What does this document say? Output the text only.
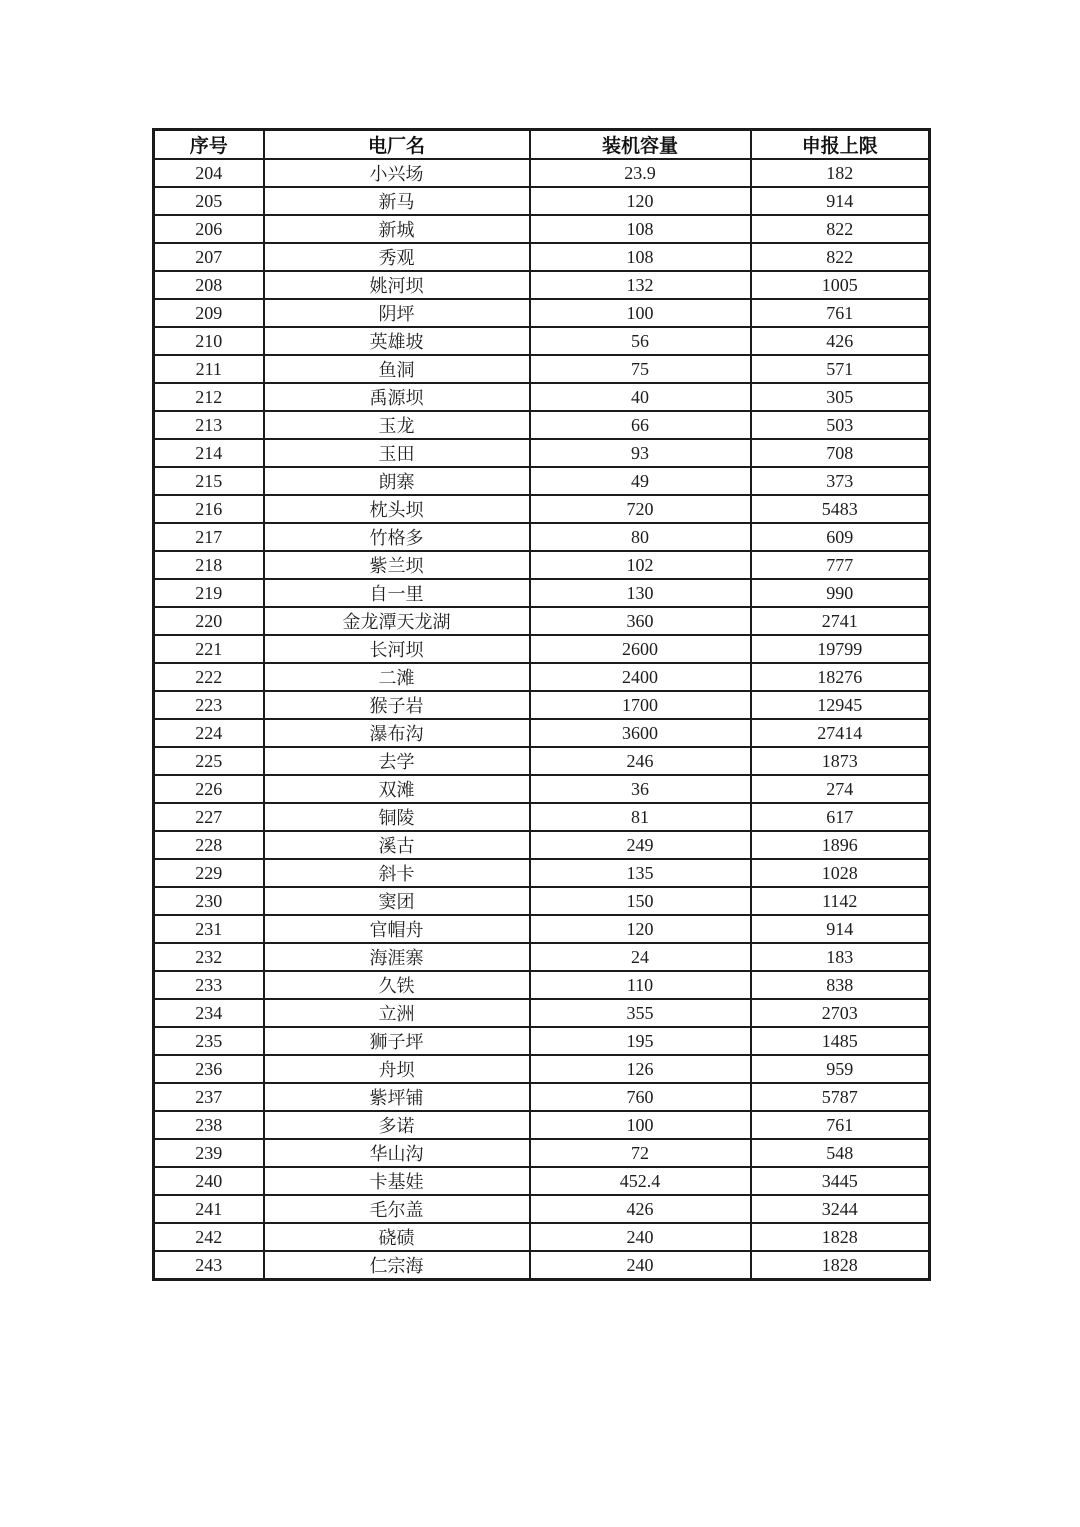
序号	电厂名	装机容量	申报上限
204	小兴场	23.9	182
205	新马	120	914
206	新城	108	822
207	秀观	108	822
208	姚河坝	132	1005
209	阴坪	100	761
210	英雄坡	56	426
211	鱼洞	75	571
212	禹源坝	40	305
213	玉龙	66	503
214	玉田	93	708
215	朗寨	49	373
216	枕头坝	720	5483
217	竹格多	80	609
218	紫兰坝	102	777
219	自一里	130	990
220	金龙潭天龙湖	360	2741
221	长河坝	2600	19799
222	二滩	2400	18276
223	猴子岩	1700	12945
224	瀑布沟	3600	27414
225	去学	246	1873
226	双滩	36	274
227	铜陵	81	617
228	溪古	249	1896
229	斜卡	135	1028
230	窦团	150	1142
231	官帽舟	120	914
232	海涯寨	24	183
233	久铁	110	838
234	立洲	355	2703
235	狮子坪	195	1485
236	舟坝	126	959
237	紫坪铺	760	5787
238	多诺	100	761
239	华山沟	72	548
240	卡基娃	452.4	3445
241	毛尔盖	426	3244
242	硗碛	240	1828
243	仁宗海	240	1828
